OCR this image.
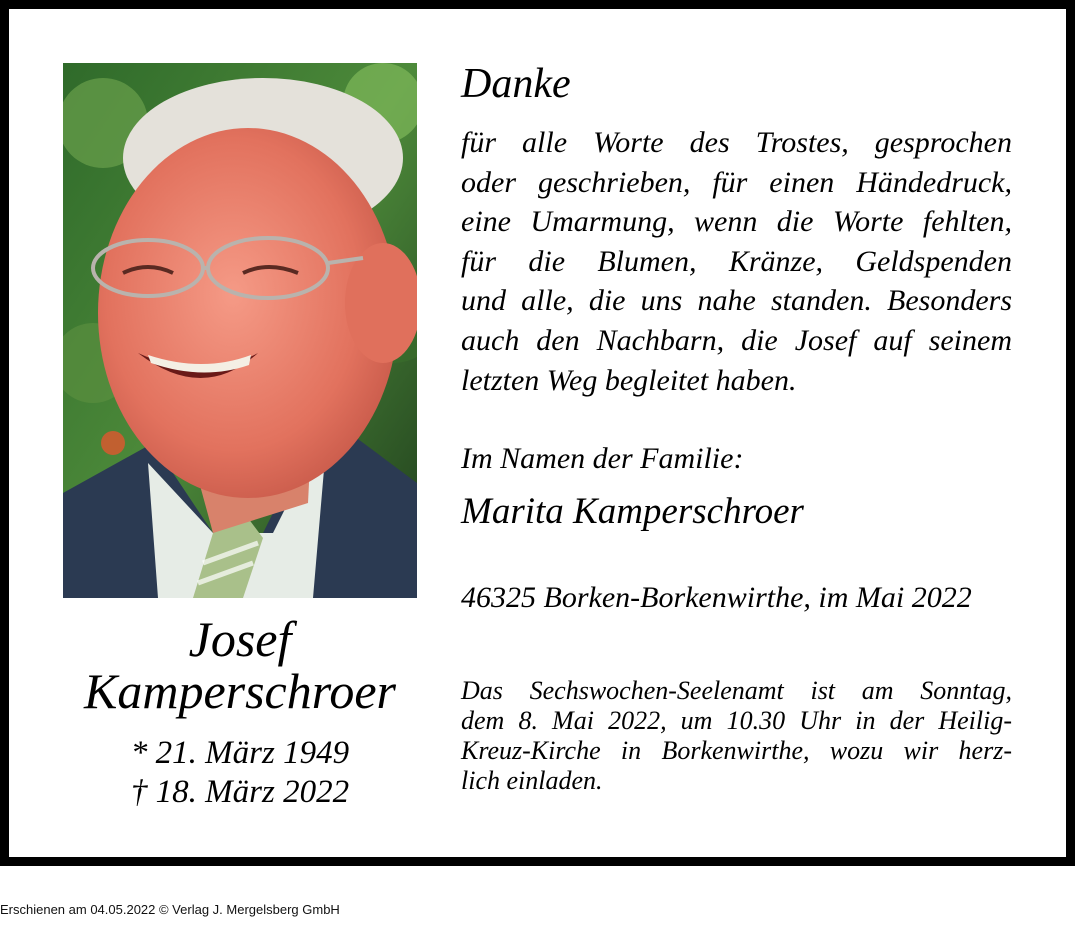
Josef
Kamperschroer
* 21. März 1949
† 18. März 2022
Danke
für alle Worte des Trostes, gesprochen
oder geschrieben, für einen Händedruck,
eine Umarmung, wenn die Worte fehlten,
für die Blumen, Kränze, Geldspenden
und alle, die uns nahe standen. Besonders
auch den Nachbarn, die Josef auf seinem
letzten Weg begleitet haben.
Im Namen der Familie:
Marita Kamperschroer
46325 Borken-Borkenwirthe, im Mai 2022
Das Sechswochen-Seelenamt ist am Sonntag,
dem 8. Mai 2022, um 10.30 Uhr in der Heilig-
Kreuz-Kirche in Borkenwirthe, wozu wir herz-
lich einladen.
Erschienen am 04.05.2022 © Verlag J. Mergelsberg GmbH
